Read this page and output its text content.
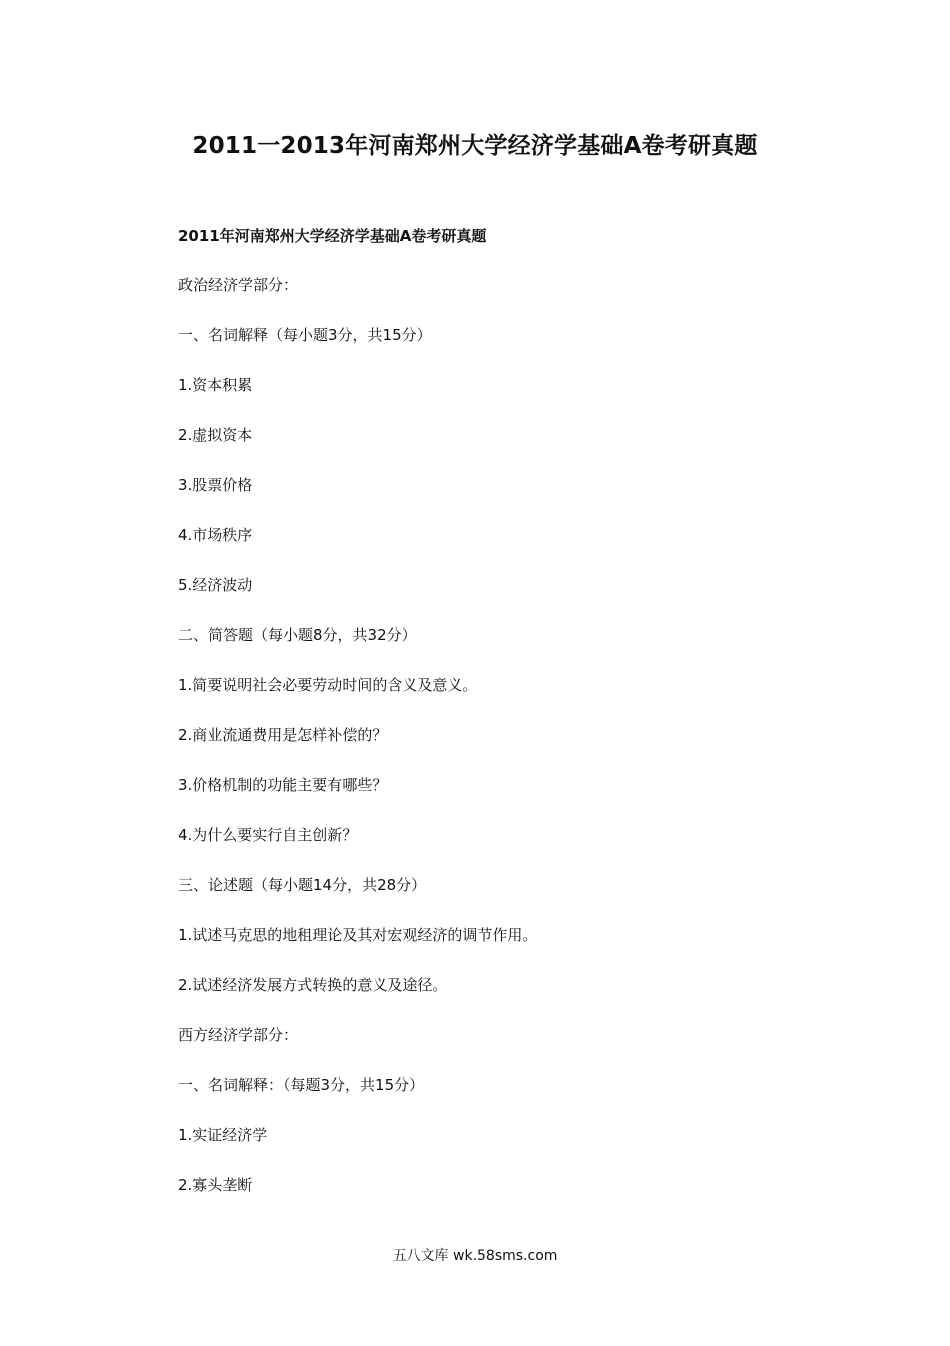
2011一2013年河南郑州大学经济学基础A卷考研真题
2011年河南郑州大学经济学基础A卷考研真题
政治经济学部分：
一、名词解释（每小题3分，共15分）
1.资本积累
2.虚拟资本
3.股票价格
4.市场秩序
5.经济波动
二、简答题（每小题8分，共32分）
1.简要说明社会必要劳动时间的含义及意义。
2.商业流通费用是怎样补偿的？
3.价格机制的功能主要有哪些？
4.为什么要实行自主创新？
三、论述题（每小题14分，共28分）
1.试述马克思的地租理论及其对宏观经济的调节作用。
2.试述经济发展方式转换的意义及途径。
西方经济学部分：
一、名词解释：（每题3分，共15分）
1.实证经济学
2.寡头垄断
五八文库 wk.58sms.com
